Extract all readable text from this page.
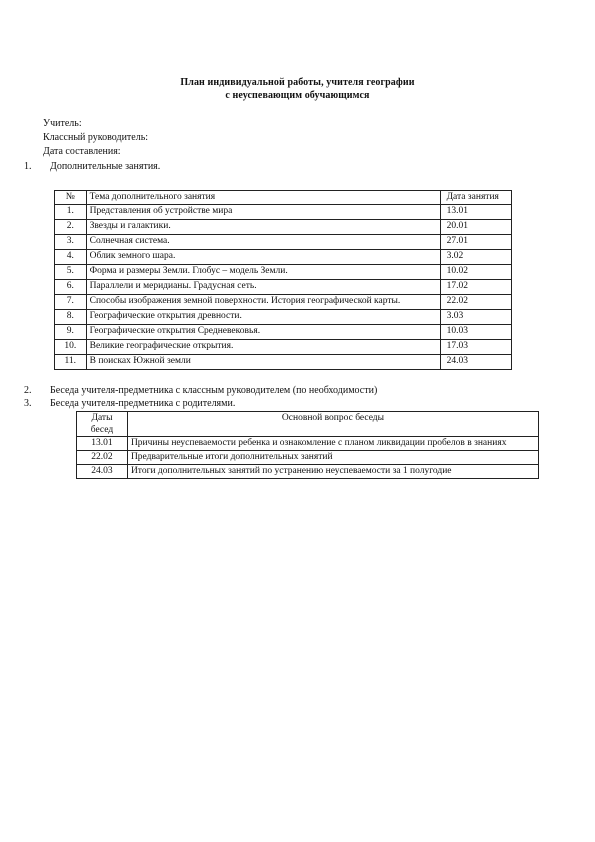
План индивидуальной работы, учителя географии
с неуспевающим обучающимся
Учитель:
Классный руководитель:
Дата составления:
1. Дополнительные занятия.
№	Тема дополнительного занятия	Дата занятия
1.	Представления об устройстве мира	13.01
2.	Звезды и галактики.	20.01
3.	Солнечная система.	27.01
4.	Облик земного шара.	3.02
5.	Форма и размеры Земли. Глобус – модель Земли.	10.02
6.	Параллели и меридианы. Градусная сеть.	17.02
7.	Способы изображения земной поверхности. История географической карты.	22.02
8.	Географические открытия древности.	3.03
9.	Географические открытия Средневековья.	10.03
10.	Великие географические открытия.	17.03
11.	В поисках Южной земли	24.03
2. Беседа учителя-предметника с классным руководителем (по необходимости)
3. Беседа учителя-предметника с родителями.
Даты бесед	Основной вопрос беседы
13.01	Причины неуспеваемости ребенка и ознакомление с планом ликвидации пробелов в знаниях
22.02	Предварительные итоги дополнительных занятий
24.03	Итоги дополнительных занятий по устранению неуспеваемости за 1 полугодие
